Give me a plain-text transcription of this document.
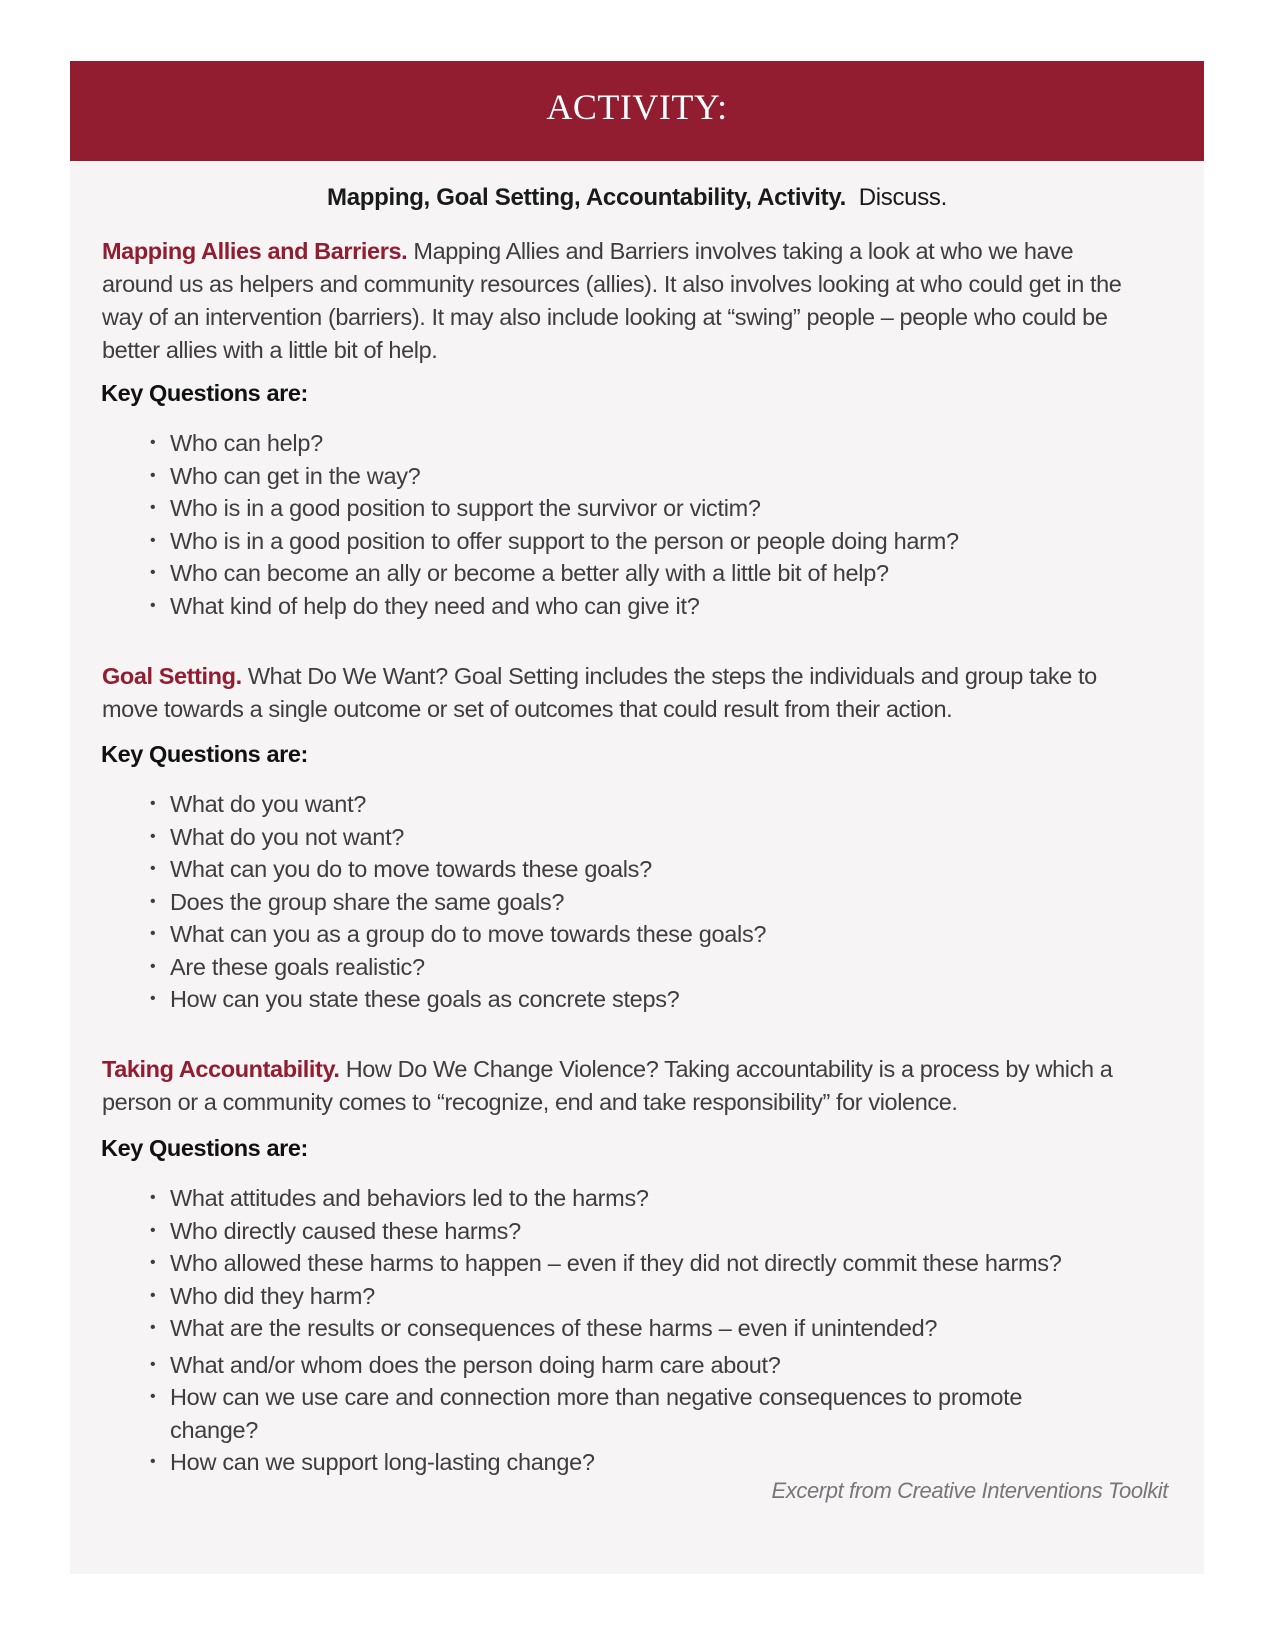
ACTIVITY:
Mapping, Goal Setting, Accountability, Activity. Discuss.
Mapping Allies and Barriers. Mapping Allies and Barriers involves taking a look at who we have around us as helpers and community resources (allies). It also involves looking at who could get in the way of an intervention (barriers). It may also include looking at “swing” people – people who could be better allies with a little bit of help.
Key Questions are:
• Who can help?
• Who can get in the way?
• Who is in a good position to support the survivor or victim?
• Who is in a good position to offer support to the person or people doing harm?
• Who can become an ally or become a better ally with a little bit of help?
• What kind of help do they need and who can give it?
Goal Setting. What Do We Want? Goal Setting includes the steps the individuals and group take to move towards a single outcome or set of outcomes that could result from their action.
Key Questions are:
• What do you want?
• What do you not want?
• What can you do to move towards these goals?
• Does the group share the same goals?
• What can you as a group do to move towards these goals?
• Are these goals realistic?
• How can you state these goals as concrete steps?
Taking Accountability. How Do We Change Violence? Taking accountability is a process by which a person or a community comes to “recognize, end and take responsibility” for violence.
Key Questions are:
• What attitudes and behaviors led to the harms?
• Who directly caused these harms?
• Who allowed these harms to happen – even if they did not directly commit these harms?
• Who did they harm?
• What are the results or consequences of these harms – even if unintended?
• What and/or whom does the person doing harm care about?
• How can we use care and connection more than negative consequences to promote change?
• How can we support long-lasting change?
Excerpt from Creative Interventions Toolkit
